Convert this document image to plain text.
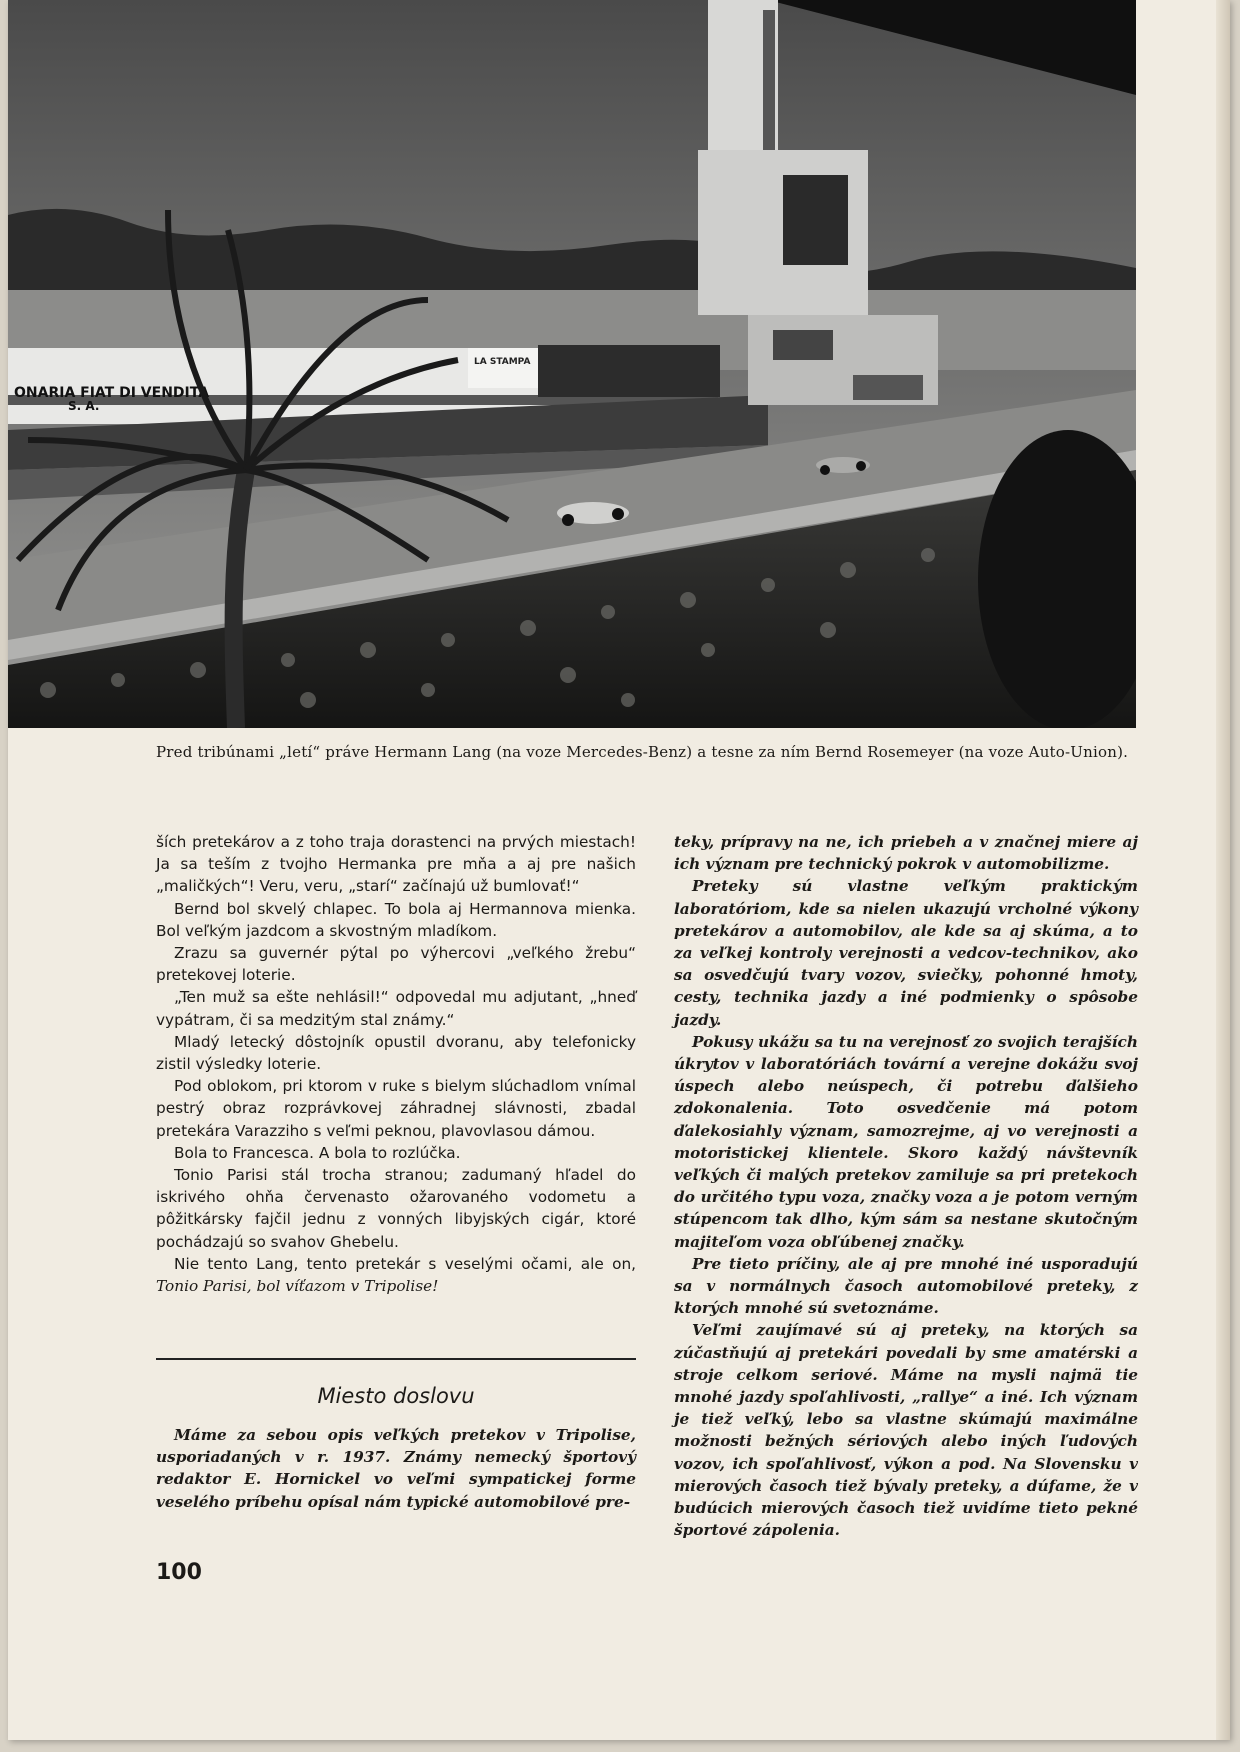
ONARIA FIAT DI VENDITA
S. A.
LA STAMPA
Pred tribúnami „letí“ práve Hermann Lang (na voze Mercedes-Benz) a tesne za ním Bernd Rosemeyer (na voze Auto-Union).

ších pretekárov a z toho traja dorastenci na prvých miestach! Ja sa teším z tvojho Hermanka pre mňa a aj pre našich „maličkých“! Veru, veru, „starí“ začínajú už bumlovať!“

Bernd bol skvelý chlapec. To bola aj Hermannova mienka. Bol veľkým jazdcom a skvostným mladíkom.

Zrazu sa guvernér pýtal po výhercovi „veľkého žrebu“ pretekovej loterie.

„Ten muž sa ešte nehlásil!“ odpovedal mu adjutant, „hneď vypátram, či sa medzitým stal známy.“

Mladý letecký dôstojník opustil dvoranu, aby telefonicky zistil výsledky loterie.

Pod oblokom, pri ktorom v ruke s bielym slúchadlom vnímal pestrý obraz rozprávkovej záhradnej slávnosti, zbadal pretekára Varazziho s veľmi peknou, plavovlasou dámou.

Bola to Francesca. A bola to rozlúčka.

Tonio Parisi stál trocha stranou; zadumaný hľadel do iskrivého ohňa červenasto ožarovaného vodometu a pôžitkársky fajčil jednu z vonných libyjských cigár, ktoré pochádzajú so svahov Ghebelu.

Nie tento Lang, tento pretekár s veselými očami, ale on, Tonio Parisi, bol víťazom v Tripolise!

Miesto doslovu

Máme za sebou opis veľkých pretekov v Tripolise, usporiadaných v r. 1937. Známy nemecký športový redaktor E. Hornickel vo veľmi sympatickej forme veselého príbehu opísal nám typické automobilové pre-

teky, prípravy na ne, ich priebeh a v značnej miere aj ich význam pre technický pokrok v automobilizme.

Preteky sú vlastne veľkým praktickým laboratóriom, kde sa nielen ukazujú vrcholné výkony pretekárov a automobilov, ale kde sa aj skúma, a to za veľkej kontroly verejnosti a vedcov-technikov, ako sa osvedčujú tvary vozov, sviečky, pohonné hmoty, cesty, technika jazdy a iné podmienky o spôsobe jazdy.

Pokusy ukážu sa tu na verejnosť zo svojich terajších úkrytov v laboratóriách tovární a verejne dokážu svoj úspech alebo neúspech, či potrebu ďalšieho zdokonalenia. Toto osvedčenie má potom ďalekosiahly význam, samozrejme, aj vo verejnosti a motoristickej klientele. Skoro každý návštevník veľkých či malých pretekov zamiluje sa pri pretekoch do určitého typu voza, značky voza a je potom verným stúpencom tak dlho, kým sám sa nestane skutočným majiteľom voza obľúbenej značky.

Pre tieto príčiny, ale aj pre mnohé iné usporadujú sa v normálnych časoch automobilové preteky, z ktorých mnohé sú svetoznáme.

Veľmi zaujímavé sú aj preteky, na ktorých sa zúčastňujú aj pretekári povedali by sme amatérski a stroje celkom seriové. Máme na mysli najmä tie mnohé jazdy spoľahlivosti, „rallye“ a iné. Ich význam je tiež veľký, lebo sa vlastne skúmajú maximálne možnosti bežných sériových alebo iných ľudových vozov, ich spoľahlivosť, výkon a pod. Na Slovensku v mierových časoch tiež bývaly preteky, a dúfame, že v budúcich mierových časoch tiež uvidíme tieto pekné športové zápolenia.

100
